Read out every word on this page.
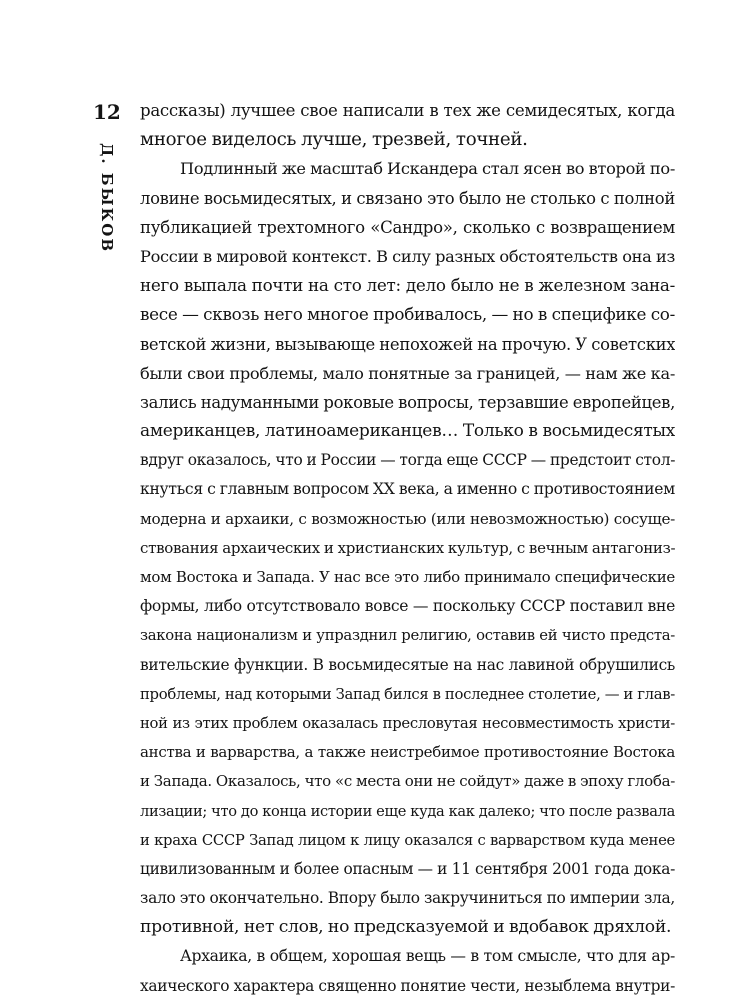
12
Д. БЫКОВ
рассказы) лучшее свое написали в тех же семидесятых, когда
многое виделось лучше, трезвей, точней.
Подлинный же масштаб Искандера стал ясен во второй по-
ловине восьмидесятых, и связано это было не столько с полной
публикацией трехтомного «Сандро», сколько с возвращением
России в мировой контекст. В силу разных обстоятельств она из
него выпала почти на сто лет: дело было не в железном зана-
весе — сквозь него многое пробивалось, — но в специфике со-
ветской жизни, вызывающе непохожей на прочую. У советских
были свои проблемы, мало понятные за границей, — нам же ка-
зались надуманными роковые вопросы, терзавшие европейцев,
американцев, латиноамериканцев… Только в восьмидесятых
вдруг оказалось, что и России — тогда еще СССР — предстоит стол-
кнуться с главным вопросом XX века, а именно с противостоянием
модерна и архаики, с возможностью (или невозможностью) сосуще-
ствования архаических и христианских культур, с вечным антагониз-
мом Востока и Запада. У нас все это либо принимало специфические
формы, либо отсутствовало вовсе — поскольку СССР поставил вне
закона национализм и упразднил религию, оставив ей чисто предста-
вительские функции. В восьмидесятые на нас лавиной обрушились
проблемы, над которыми Запад бился в последнее столетие, — и глав-
ной из этих проблем оказалась пресловутая несовместимость христи-
анства и варварства, а также неистребимое противостояние Востока
и Запада. Оказалось, что «с места они не сойдут» даже в эпоху глоба-
лизации; что до конца истории еще куда как далеко; что после развала
и краха СССР Запад лицом к лицу оказался с варварством куда менее
цивилизованным и более опасным — и 11 сентября 2001 года дока-
зало это окончательно. Впору было закручиниться по империи зла,
противной, нет слов, но предсказуемой и вдобавок дряхлой.
Архаика, в общем, хорошая вещь — в том смысле, что для ар-
хаического характера священно понятие чести, незыблема внутри-
